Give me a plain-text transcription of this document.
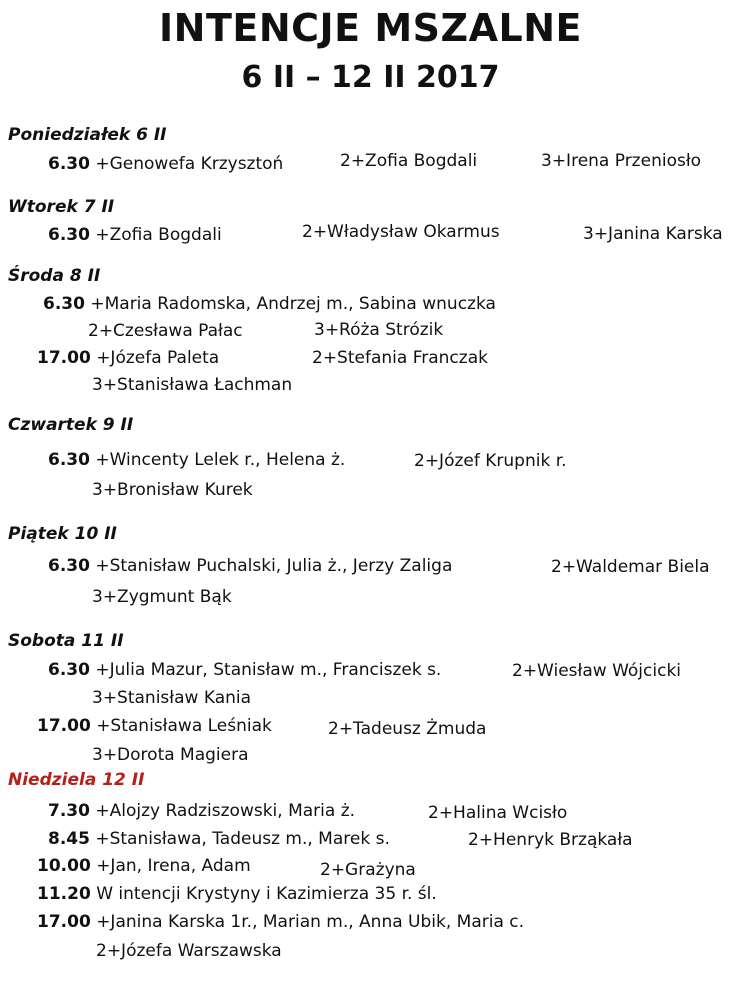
INTENCJE MSZALNE
6 II – 12 II 2017
Poniedziałek 6 II
6.30 +Genowefa Krzysztoń	2+Zofia Bogdali	3+Irena Przeniosło
Wtorek 7 II
6.30 +Zofia Bogdali	2+Władysław Okarmus	3+Janina Karska
Środa 8 II
6.30 +Maria Radomska, Andrzej m., Sabina wnuczka
2+Czesława Pałac	3+Róża Strózik
17.00 +Józefa Paleta	2+Stefania Franczak
3+Stanisława Łachman
Czwartek 9 II
6.30 +Wincenty Lelek r., Helena ż.	2+Józef Krupnik r.
3+Bronisław Kurek
Piątek 10 II
6.30 +Stanisław Puchalski, Julia ż., Jerzy Zaliga	2+Waldemar Biela
3+Zygmunt Bąk
Sobota 11 II
6.30 +Julia Mazur, Stanisław m., Franciszek s.	2+Wiesław Wójcicki
3+Stanisław Kania
17.00 +Stanisława Leśniak	2+Tadeusz Żmuda
3+Dorota Magiera
Niedziela 12 II
7.30 +Alojzy Radziszowski, Maria ż.	2+Halina Wcisło
8.45 +Stanisława, Tadeusz m., Marek s.	2+Henryk Brząkała
10.00 +Jan, Irena, Adam	2+Grażyna
11.20 W intencji Krystyny i Kazimierza 35 r. śl.
17.00 +Janina Karska 1r., Marian m., Anna Ubik, Maria c.
2+Józefa Warszawska
